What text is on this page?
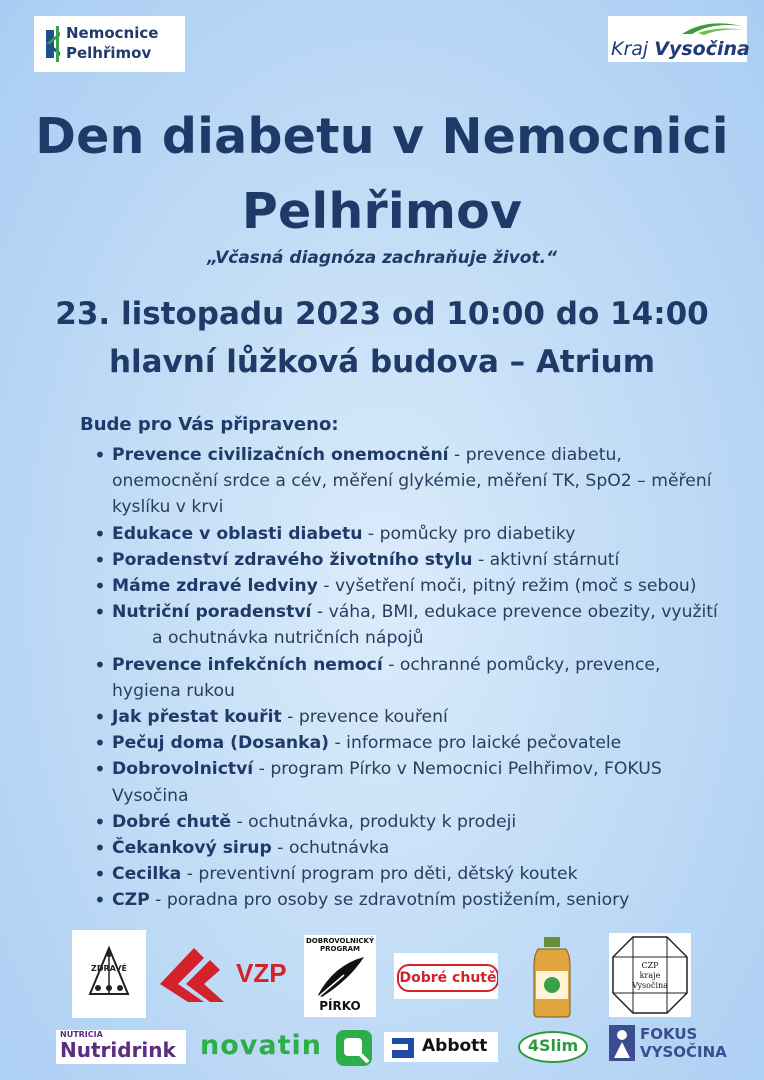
Nemocnice
Pelhřimov	Kraj Vysočina
Den diabetu v Nemocnici
Pelhřimov
„Včasná diagnóza zachraňuje život.“
23. listopadu 2023 od 10:00 do 14:00
hlavní lůžková budova – Atrium
Bude pro Vás připraveno:
• Prevence civilizačních onemocnění - prevence diabetu, onemocnění srdce a cév, měření glykémie, měření TK, SpO2 – měření kyslíku v krvi
• Edukace v oblasti diabetu - pomůcky pro diabetiky
• Poradenství zdravého životního stylu - aktivní stárnutí
• Máme zdravé ledviny - vyšetření moči, pitný režim (moč s sebou)
• Nutriční poradenství - váha, BMI, edukace prevence obezity, využitía ochutnávka nutričních nápojů
• Prevence infekčních nemocí - ochranné pomůcky, prevence, hygiena rukou
• Jak přestat kouřit - prevence kouření
• Pečuj doma (Dosanka) - informace pro laické pečovatele
• Dobrovolnictví - program Pírko v Nemocnici Pelhřimov, FOKUS Vysočina
• Dobré chutě - ochutnávka, produkty k prodeji
• Čekankový sirup - ochutnávka
• Cecilka - preventivní program pro děti, dětský koutek
• CZP - poradna pro osoby se zdravotním postižením, seniory
ZDRAVÉ	VZP
DOBROVOLNICKÝ PROGRAM
PÍRKO
Dobré chutě
CZP
kraje
Vysočina
NUTRICIA
Nutridrink novatin	Abbott	4Slim
FOKUS
VYSOČINA
